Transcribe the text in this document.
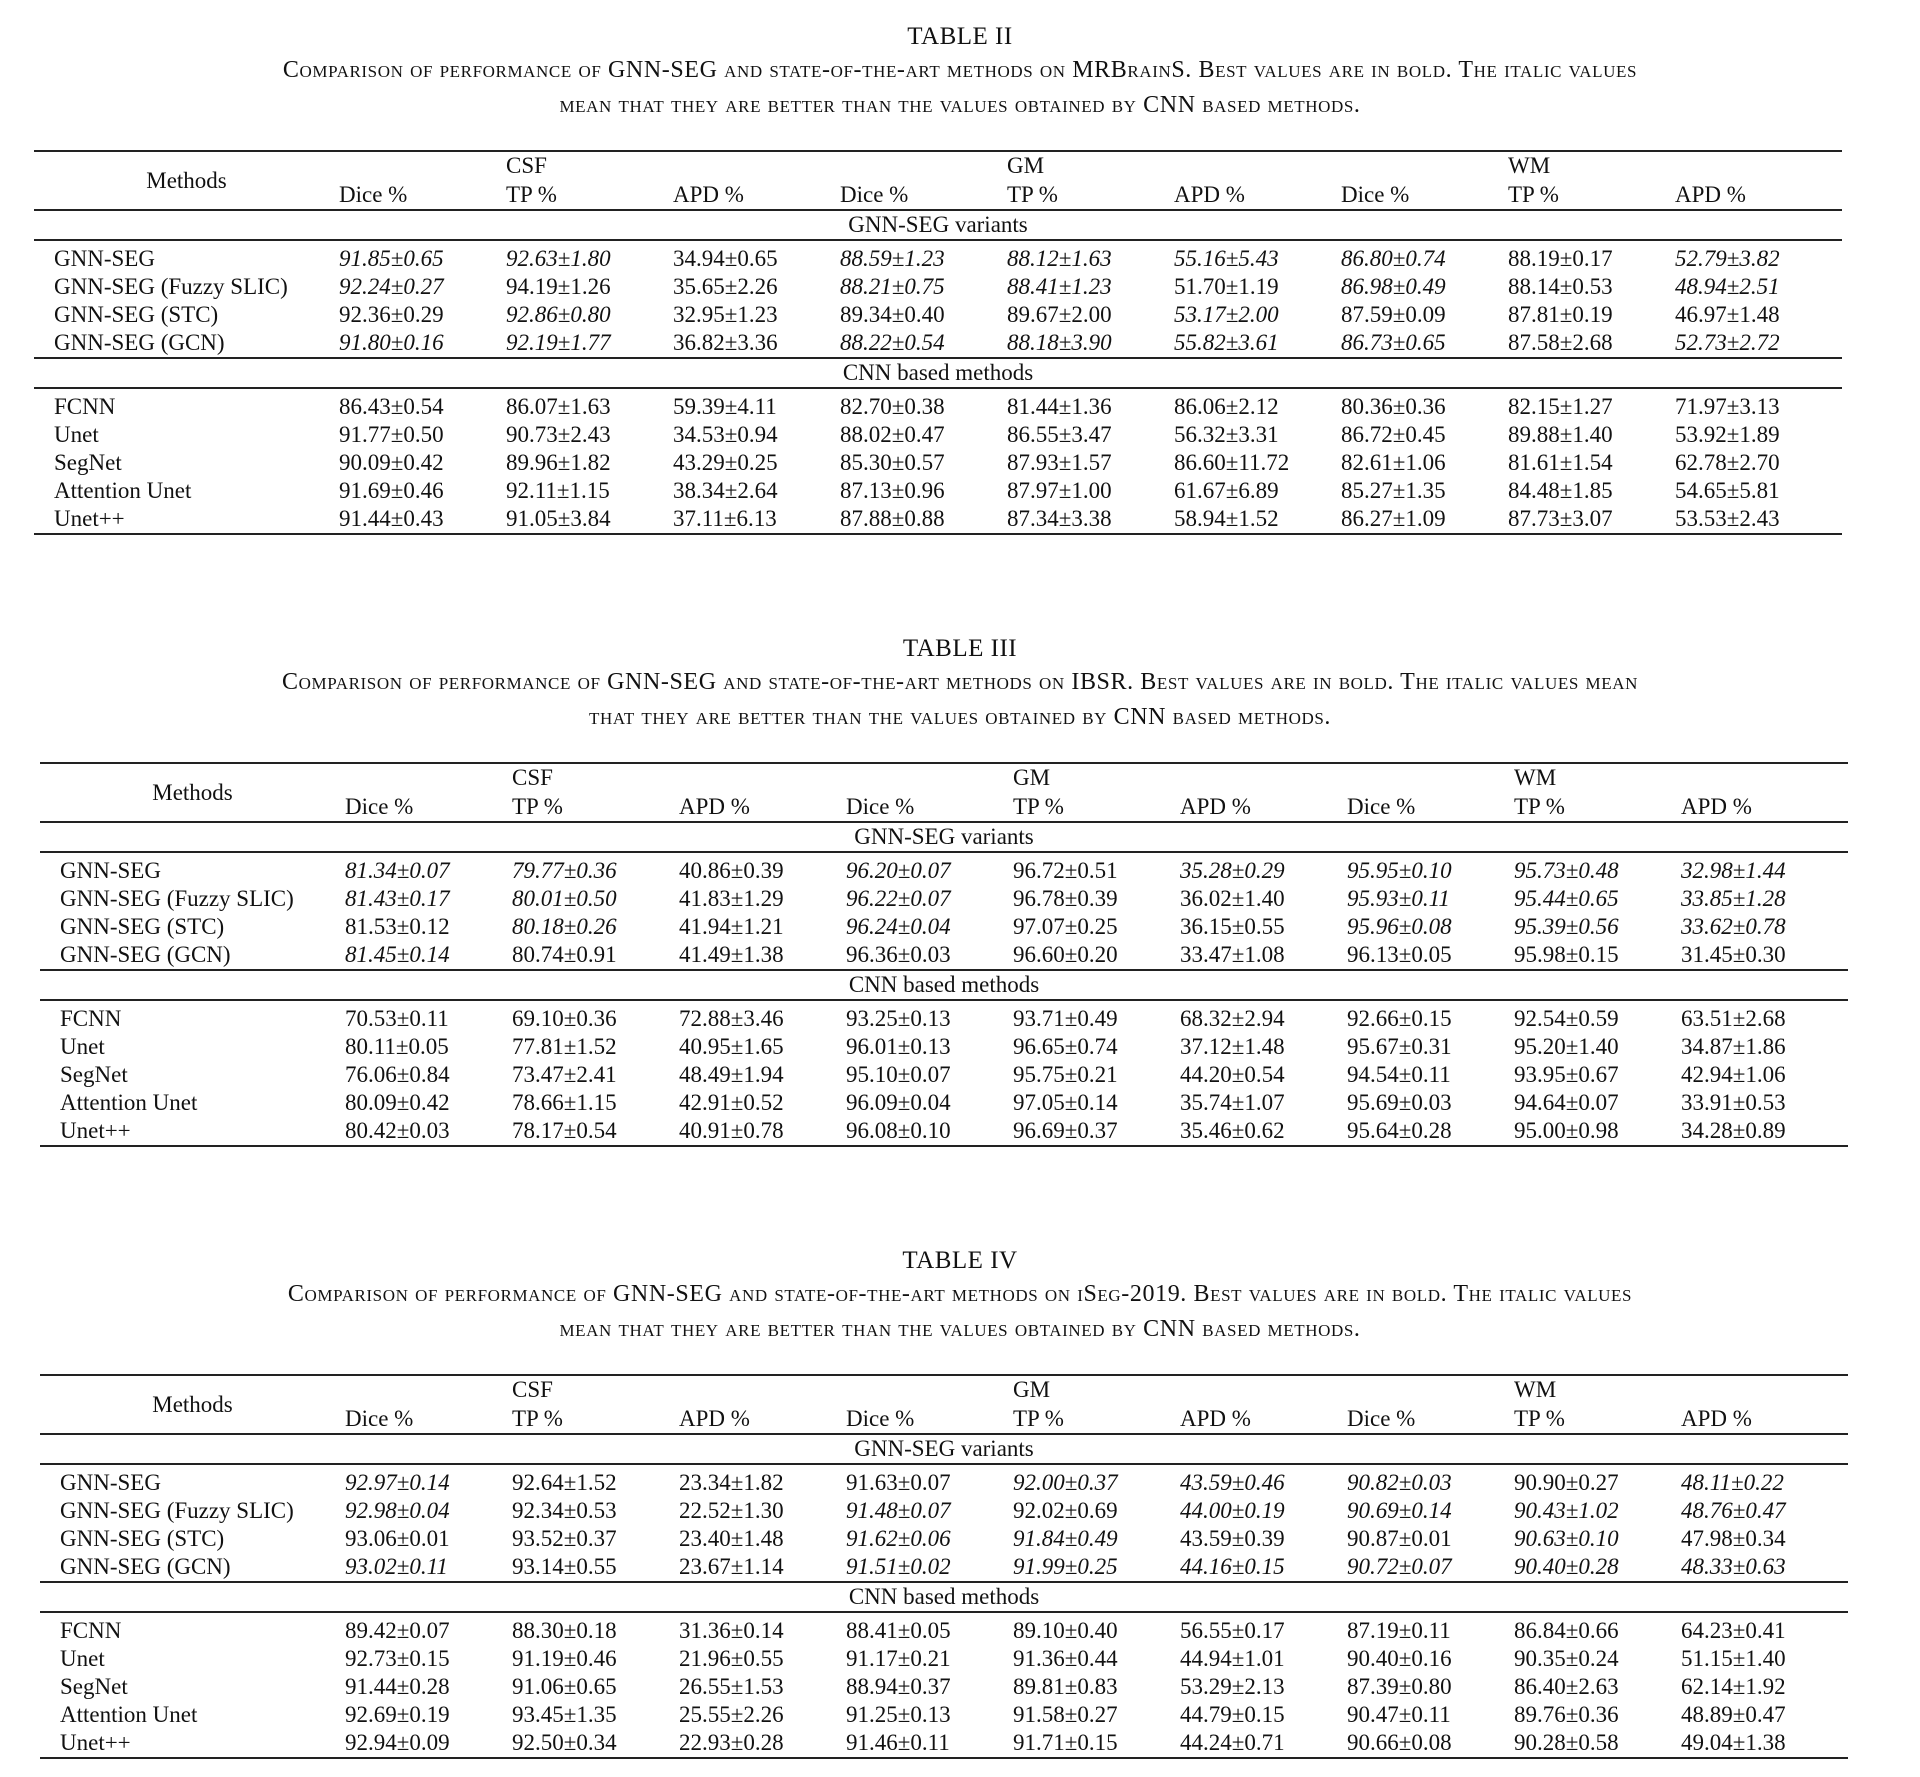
TABLE II
Comparison of performance of GNN-SEG and state-of-the-art methods on MRBrainS. Best values are in bold. The italic values
mean that they are better than the values obtained by CNN based methods.
Methods		CSF			GM			WM	
	Dice %	TP %	APD %	Dice %	TP %	APD %	Dice %	TP %	APD %
GNN-SEG variants									
GNN-SEG	91.85±0.65	92.63±1.80	34.94±0.65	88.59±1.23	88.12±1.63	55.16±5.43	86.80±0.74	88.19±0.17	52.79±3.82
GNN-SEG (Fuzzy SLIC)	92.24±0.27	94.19±1.26	35.65±2.26	88.21±0.75	88.41±1.23	51.70±1.19	86.98±0.49	88.14±0.53	48.94±2.51
GNN-SEG (STC)	92.36±0.29	92.86±0.80	32.95±1.23	89.34±0.40	89.67±2.00	53.17±2.00	87.59±0.09	87.81±0.19	46.97±1.48
GNN-SEG (GCN)	91.80±0.16	92.19±1.77	36.82±3.36	88.22±0.54	88.18±3.90	55.82±3.61	86.73±0.65	87.58±2.68	52.73±2.72
CNN based methods									
FCNN	86.43±0.54	86.07±1.63	59.39±4.11	82.70±0.38	81.44±1.36	86.06±2.12	80.36±0.36	82.15±1.27	71.97±3.13
Unet	91.77±0.50	90.73±2.43	34.53±0.94	88.02±0.47	86.55±3.47	56.32±3.31	86.72±0.45	89.88±1.40	53.92±1.89
SegNet	90.09±0.42	89.96±1.82	43.29±0.25	85.30±0.57	87.93±1.57	86.60±11.72	82.61±1.06	81.61±1.54	62.78±2.70
Attention Unet	91.69±0.46	92.11±1.15	38.34±2.64	87.13±0.96	87.97±1.00	61.67±6.89	85.27±1.35	84.48±1.85	54.65±5.81
Unet++	91.44±0.43	91.05±3.84	37.11±6.13	87.88±0.88	87.34±3.38	58.94±1.52	86.27±1.09	87.73±3.07	53.53±2.43
TABLE III
Comparison of performance of GNN-SEG and state-of-the-art methods on IBSR. Best values are in bold. The italic values mean
that they are better than the values obtained by CNN based methods.
Methods		CSF			GM			WM	
	Dice %	TP %	APD %	Dice %	TP %	APD %	Dice %	TP %	APD %
GNN-SEG variants									
GNN-SEG	81.34±0.07	79.77±0.36	40.86±0.39	96.20±0.07	96.72±0.51	35.28±0.29	95.95±0.10	95.73±0.48	32.98±1.44
GNN-SEG (Fuzzy SLIC)	81.43±0.17	80.01±0.50	41.83±1.29	96.22±0.07	96.78±0.39	36.02±1.40	95.93±0.11	95.44±0.65	33.85±1.28
GNN-SEG (STC)	81.53±0.12	80.18±0.26	41.94±1.21	96.24±0.04	97.07±0.25	36.15±0.55	95.96±0.08	95.39±0.56	33.62±0.78
GNN-SEG (GCN)	81.45±0.14	80.74±0.91	41.49±1.38	96.36±0.03	96.60±0.20	33.47±1.08	96.13±0.05	95.98±0.15	31.45±0.30
CNN based methods									
FCNN	70.53±0.11	69.10±0.36	72.88±3.46	93.25±0.13	93.71±0.49	68.32±2.94	92.66±0.15	92.54±0.59	63.51±2.68
Unet	80.11±0.05	77.81±1.52	40.95±1.65	96.01±0.13	96.65±0.74	37.12±1.48	95.67±0.31	95.20±1.40	34.87±1.86
SegNet	76.06±0.84	73.47±2.41	48.49±1.94	95.10±0.07	95.75±0.21	44.20±0.54	94.54±0.11	93.95±0.67	42.94±1.06
Attention Unet	80.09±0.42	78.66±1.15	42.91±0.52	96.09±0.04	97.05±0.14	35.74±1.07	95.69±0.03	94.64±0.07	33.91±0.53
Unet++	80.42±0.03	78.17±0.54	40.91±0.78	96.08±0.10	96.69±0.37	35.46±0.62	95.64±0.28	95.00±0.98	34.28±0.89
TABLE IV
Comparison of performance of GNN-SEG and state-of-the-art methods on iSeg-2019. Best values are in bold. The italic values
mean that they are better than the values obtained by CNN based methods.
Methods		CSF			GM			WM	
	Dice %	TP %	APD %	Dice %	TP %	APD %	Dice %	TP %	APD %
GNN-SEG variants									
GNN-SEG	92.97±0.14	92.64±1.52	23.34±1.82	91.63±0.07	92.00±0.37	43.59±0.46	90.82±0.03	90.90±0.27	48.11±0.22
GNN-SEG (Fuzzy SLIC)	92.98±0.04	92.34±0.53	22.52±1.30	91.48±0.07	92.02±0.69	44.00±0.19	90.69±0.14	90.43±1.02	48.76±0.47
GNN-SEG (STC)	93.06±0.01	93.52±0.37	23.40±1.48	91.62±0.06	91.84±0.49	43.59±0.39	90.87±0.01	90.63±0.10	47.98±0.34
GNN-SEG (GCN)	93.02±0.11	93.14±0.55	23.67±1.14	91.51±0.02	91.99±0.25	44.16±0.15	90.72±0.07	90.40±0.28	48.33±0.63
CNN based methods									
FCNN	89.42±0.07	88.30±0.18	31.36±0.14	88.41±0.05	89.10±0.40	56.55±0.17	87.19±0.11	86.84±0.66	64.23±0.41
Unet	92.73±0.15	91.19±0.46	21.96±0.55	91.17±0.21	91.36±0.44	44.94±1.01	90.40±0.16	90.35±0.24	51.15±1.40
SegNet	91.44±0.28	91.06±0.65	26.55±1.53	88.94±0.37	89.81±0.83	53.29±2.13	87.39±0.80	86.40±2.63	62.14±1.92
Attention Unet	92.69±0.19	93.45±1.35	25.55±2.26	91.25±0.13	91.58±0.27	44.79±0.15	90.47±0.11	89.76±0.36	48.89±0.47
Unet++	92.94±0.09	92.50±0.34	22.93±0.28	91.46±0.11	91.71±0.15	44.24±0.71	90.66±0.08	90.28±0.58	49.04±1.38
